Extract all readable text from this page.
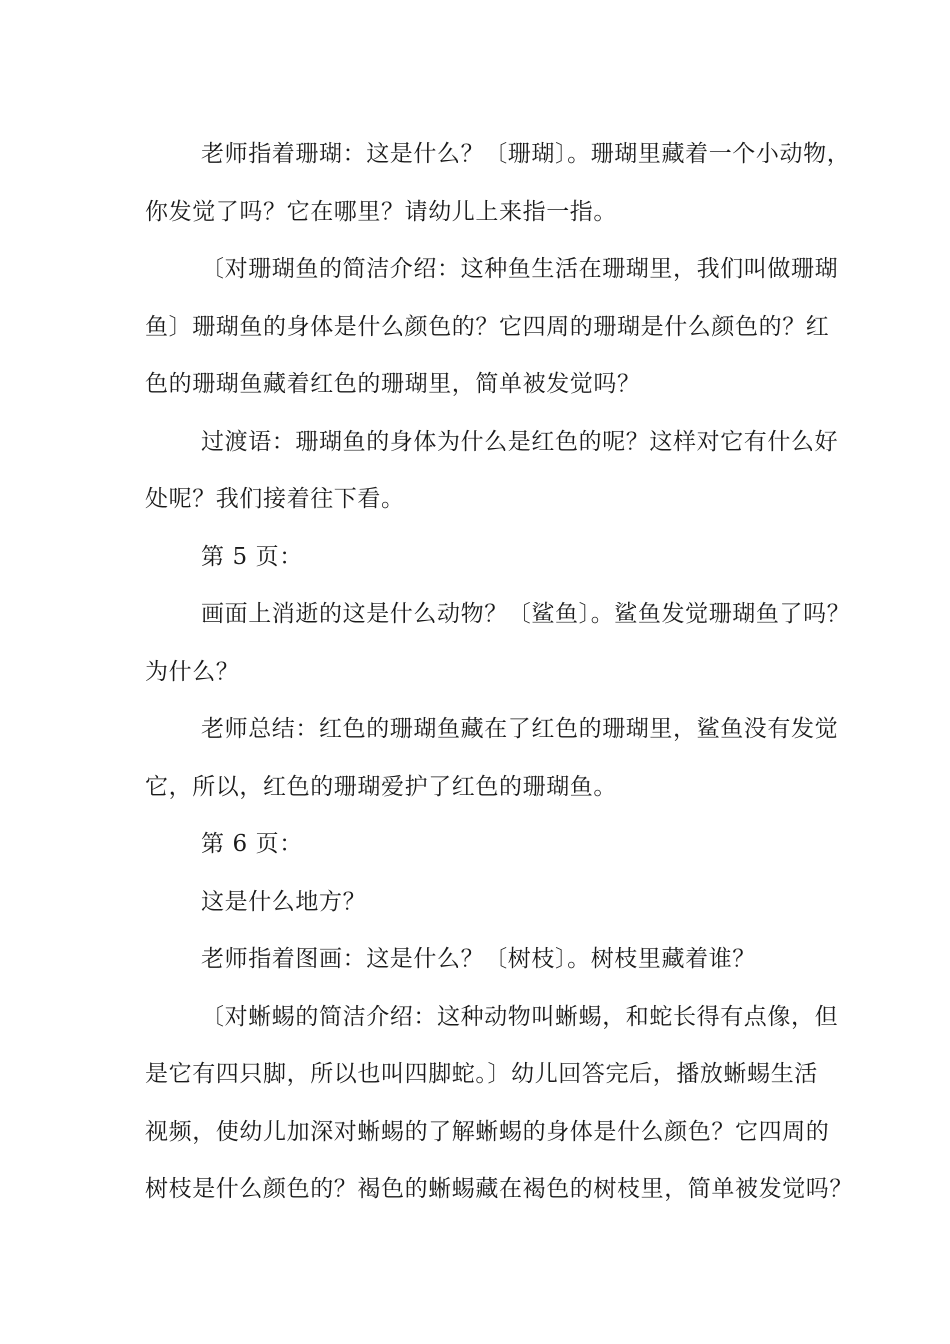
老师指着珊瑚：这是什么？〔珊瑚〕。珊瑚里藏着一个小动物，
你发觉了吗？它在哪里？请幼儿上来指一指。
〔对珊瑚鱼的简洁介绍：这种鱼生活在珊瑚里，我们叫做珊瑚
鱼〕珊瑚鱼的身体是什么颜色的？它四周的珊瑚是什么颜色的？红
色的珊瑚鱼藏着红色的珊瑚里，简单被发觉吗？
过渡语：珊瑚鱼的身体为什么是红色的呢？这样对它有什么好
处呢？我们接着往下看。
第 5 页：
画面上消逝的这是什么动物？〔鲨鱼〕。鲨鱼发觉珊瑚鱼了吗？
为什么？
老师总结：红色的珊瑚鱼藏在了红色的珊瑚里，鲨鱼没有发觉
它，所以，红色的珊瑚爱护了红色的珊瑚鱼。
第 6 页：
这是什么地方？
老师指着图画：这是什么？〔树枝〕。树枝里藏着谁？
〔对蜥蜴的简洁介绍：这种动物叫蜥蜴，和蛇长得有点像，但
是它有四只脚，所以也叫四脚蛇。〕幼儿回答完后，播放蜥蜴生活
视频，使幼儿加深对蜥蜴的了解蜥蜴的身体是什么颜色？它四周的
树枝是什么颜色的？褐色的蜥蜴藏在褐色的树枝里，简单被发觉吗？
